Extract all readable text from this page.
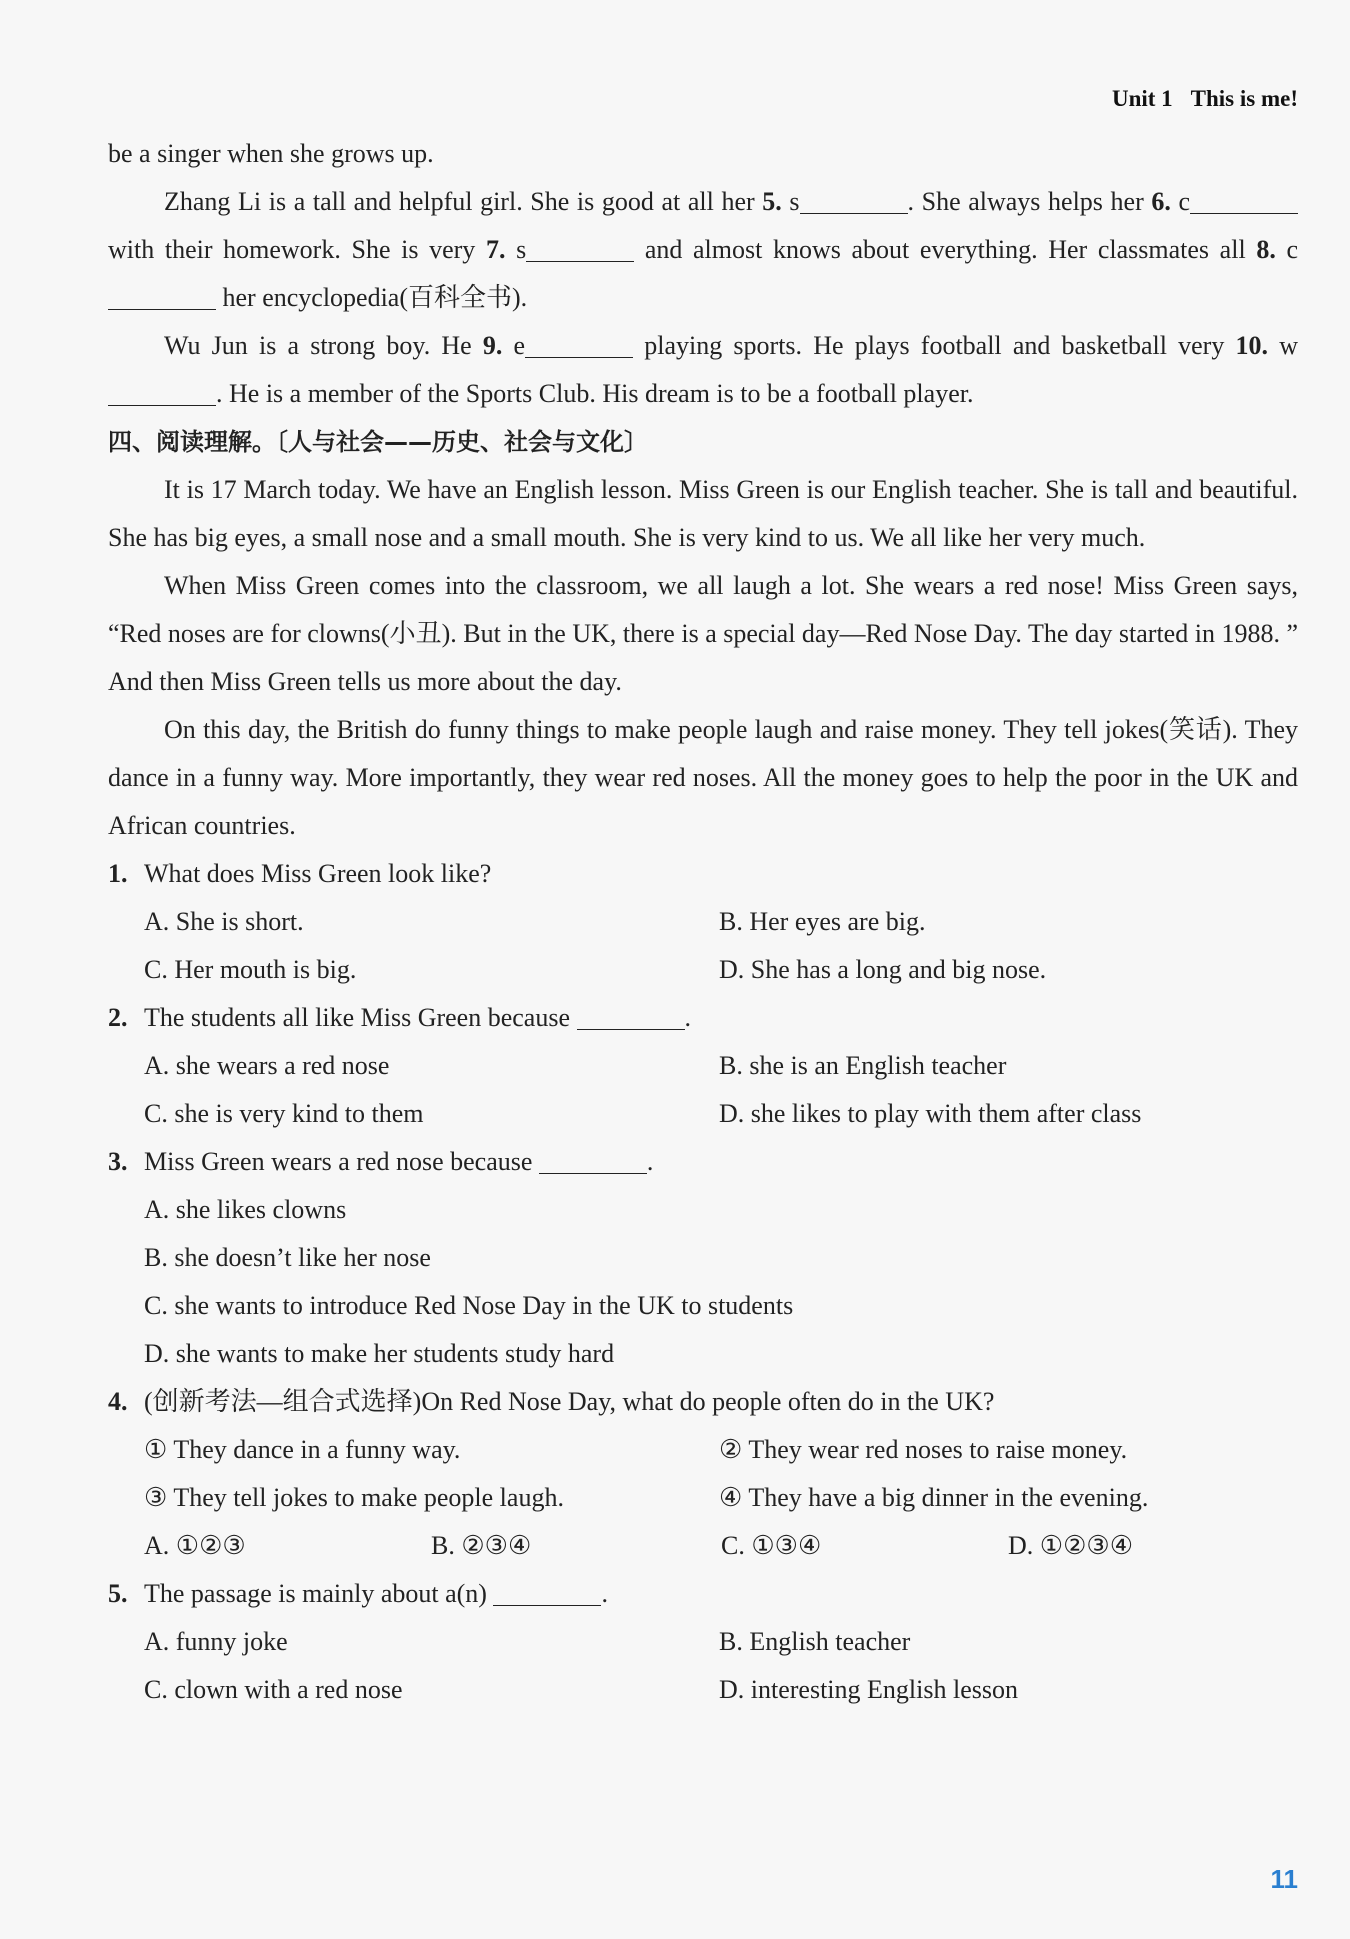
Unit 1 This is me!

be a singer when she grows up.

Zhang Li is a tall and helpful girl. She is good at all her 5. s	. She always helps her 6. c with their homework. She is very 7. s	and almost knows about everything. Her classmates all 8. c her encyclopedia(百科全书).

Wu Jun is a strong boy. He 9. e	playing sports. He plays football and basketball very 10. w. He is a member of the Sports Club. His dream is to be a football player.

四、阅读理解。〔人与社会——历史、社会与文化〕

It is 17 March today. We have an English lesson. Miss Green is our English teacher. She is tall and beautiful. She has big eyes, a small nose and a small mouth. She is very kind to us. We all like her very much.

When Miss Green comes into the classroom, we all laugh a lot. She wears a red nose! Miss Green says, “Red noses are for clowns(小丑). But in the UK, there is a special day—Red Nose Day. The day started in 1988. ” And then Miss Green tells us more about the day.

On this day, the British do funny things to make people laugh and raise money. They tell jokes(笑话). They dance in a funny way. More importantly, they wear red noses. All the money goes to help the poor in the UK and African countries.

1. What does Miss Green look like?

A. She is short.	B. Her eyes are big.
C. Her mouth is big.	D. She has a long and big nose.

2. The students all like Miss Green because	.

A. she wears a red nose	B. she is an English teacher
C. she is very kind to them	D. she likes to play with them after class

3. Miss Green wears a red nose because	.

A. she likes clowns

B. she doesn’t like her nose

C. she wants to introduce Red Nose Day in the UK to students

D. she wants to make her students study hard

4. (创新考法—组合式选择)On Red Nose Day, what do people often do in the UK?

① They dance in a funny way.	② They wear red noses to raise money.
③ They tell jokes to make people laugh.	④ They have a big dinner in the evening.
A. ①②③	B. ②③④	C. ①③④	D. ①②③④

5. The passage is mainly about a(n)	.

A. funny joke	B. English teacher
C. clown with a red nose	D. interesting English lesson
11
